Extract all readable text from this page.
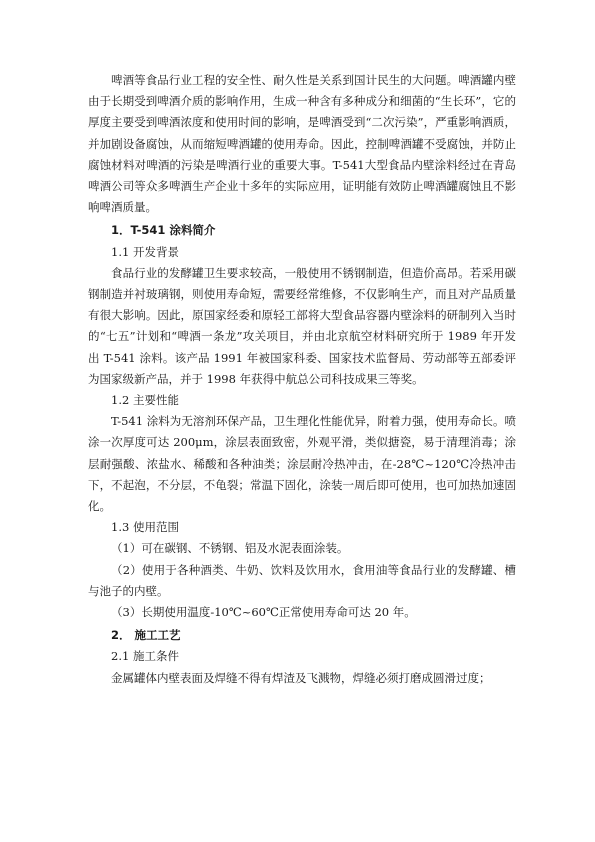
啤酒等食品行业工程的安全性、耐久性是关系到国计民生的大问题。啤酒罐内壁由于长期受到啤酒介质的影响作用，生成一种含有多种成分和细菌的“生长环”，它的厚度主要受到啤酒浓度和使用时间的影响，是啤酒受到“二次污染”，严重影响酒质，并加剧设备腐蚀，从而缩短啤酒罐的使用寿命。因此，控制啤酒罐不受腐蚀，并防止腐蚀材料对啤酒的污染是啤酒行业的重要大事。T-541大型食品内壁涂料经过在青岛啤酒公司等众多啤酒生产企业十多年的实际应用，证明能有效防止啤酒罐腐蚀且不影响啤酒质量。

1．T-541 涂料简介

1.1 开发背景

食品行业的发酵罐卫生要求较高，一般使用不锈钢制造，但造价高昂。若采用碳钢制造并衬玻璃钢，则使用寿命短，需要经常维修，不仅影响生产，而且对产品质量有很大影响。因此，原国家经委和原轻工部将大型食品容器内壁涂料的研制列入当时的“七五”计划和“啤酒一条龙”攻关项目，并由北京航空材料研究所于 1989 年开发出 T-541 涂料。该产品 1991 年被国家科委、国家技术监督局、劳动部等五部委评为国家级新产品，并于 1998 年获得中航总公司科技成果三等奖。

1.2 主要性能

T-541 涂料为无溶剂环保产品，卫生理化性能优异，附着力强，使用寿命长。喷涂一次厚度可达 200μm，涂层表面致密，外观平滑，类似搪瓷，易于清理消毒；涂层耐强酸、浓盐水、稀酸和各种油类；涂层耐冷热冲击，在-28℃~120℃冷热冲击下，不起泡，不分层，不龟裂；常温下固化，涂装一周后即可使用，也可加热加速固化。

1.3 使用范围

（1）可在碳钢、不锈钢、铝及水泥表面涂装。

（2）使用于各种酒类、牛奶、饮料及饮用水，食用油等食品行业的发酵罐、槽与池子的内壁。

（3）长期使用温度-10℃~60℃正常使用寿命可达 20 年。

2． 施工工艺

2.1 施工条件

金属罐体内壁表面及焊缝不得有焊渣及飞溅物，焊缝必须打磨成圆滑过度；
